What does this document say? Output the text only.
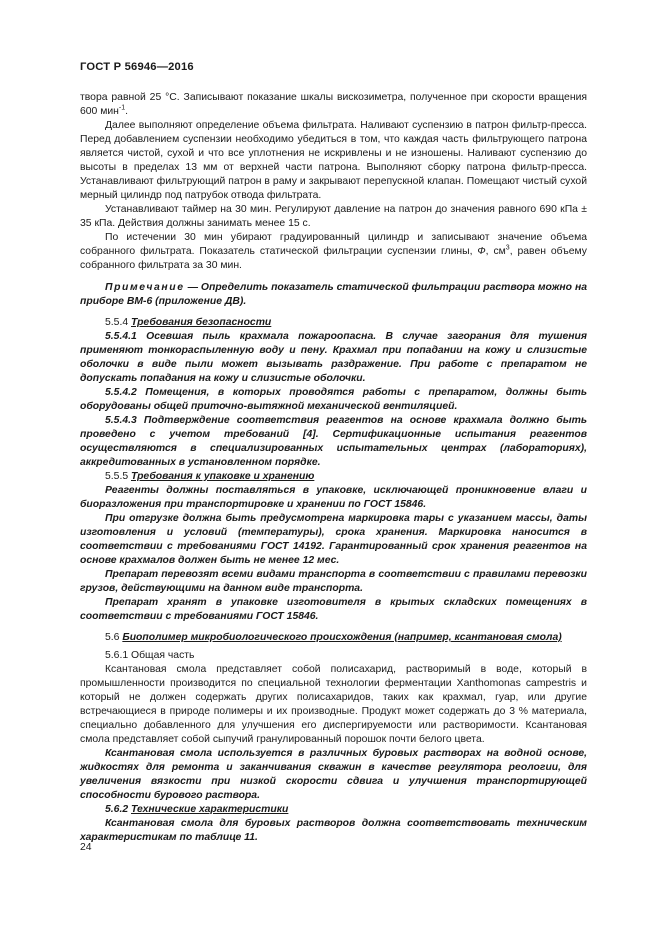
ГОСТ Р 56946—2016

твора равной 25 °С. Записывают показание шкалы вискозиметра, полученное при скорости вращения 600 мин$^{-1}$.

Далее выполняют определение объема фильтрата. Наливают суспензию в патрон фильтр-пресса. Перед добавлением суспензии необходимо убедиться в том, что каждая часть фильтрующего патрона является чистой, сухой и что все уплотнения не искривлены и не изношены. Наливают суспензию до высоты в пределах 13 мм от верхней части патрона. Выполняют сборку патрона фильтр-пресса. Устанавливают фильтрующий патрон в раму и закрывают перепускной клапан. Помещают чистый сухой мерный цилиндр под патрубок отвода фильтрата.

Устанавливают таймер на 30 мин. Регулируют давление на патрон до значения равного 690 кПа ± 35 кПа. Действия должны занимать менее 15 с.

По истечении 30 мин убирают градуированный цилиндр и записывают значение объема собранного фильтрата. Показатель статической фильтрации суспензии глины, Ф, $см^3$, равен объему собранного фильтрата за 30 мин.

Примечание — Определить показатель статической фильтрации раствора можно на приборе ВМ-6 (приложение ДВ).

5.5.4 Требования безопасности

5.5.4.1 Осевшая пыль крахмала пожароопасна. В случае загорания для тушения применяют тонкораспыленную воду и пену. Крахмал при попадании на кожу и слизистые оболочки в виде пыли может вызывать раздражение. При работе с препаратом не допускать попадания на кожу и слизистые оболочки.

5.5.4.2 Помещения, в которых проводятся работы с препаратом, должны быть оборудованы общей приточно-вытяжной механической вентиляцией.

5.5.4.3 Подтверждение соответствия реагентов на основе крахмала должно быть проведено с учетом требований [4]. Сертификационные испытания реагентов осуществляются в специализированных испытательных центрах (лабораториях), аккредитованных в установленном порядке.

5.5.5 Требования к упаковке и хранению

Реагенты должны поставляться в упаковке, исключающей проникновение влаги и биоразложения при транспортировке и хранении по ГОСТ 15846.

При отгрузке должна быть предусмотрена маркировка тары с указанием массы, даты изготовления и условий (температуры), срока хранения. Маркировка наносится в соответствии с требованиями ГОСТ 14192. Гарантированный срок хранения реагентов на основе крахмалов должен быть не менее 12 мес.

Препарат перевозят всеми видами транспорта в соответствии с правилами перевозки грузов, действующими на данном виде транспорта.

Препарат хранят в упаковке изготовителя в крытых складских помещениях в соответствии с требованиями ГОСТ 15846.

5.6 Биополимер микробиологического происхождения (например, ксантановая смола)

5.6.1 Общая часть

Ксантановая смола представляет собой полисахарид, растворимый в воде, который в промышленности производится по специальной технологии ферментации Xanthomonas campestris и который не должен содержать других полисахаридов, таких как крахмал, гуар, или другие встречающиеся в природе полимеры и их производные. Продукт может содержать до 3 % материала, специально добавленного для улучшения его диспергируемости или растворимости. Ксантановая смола представляет собой сыпучий гранулированный порошок почти белого цвета.

Ксантановая смола используется в различных буровых растворах на водной основе, жидкостях для ремонта и заканчивания скважин в качестве регулятора реологии, для увеличения вязкости при низкой скорости сдвига и улучшения транспортирующей способности бурового раствора.

5.6.2 Технические характеристики

Ксантановая смола для буровых растворов должна соответствовать техническим характеристикам по таблице 11.

24
